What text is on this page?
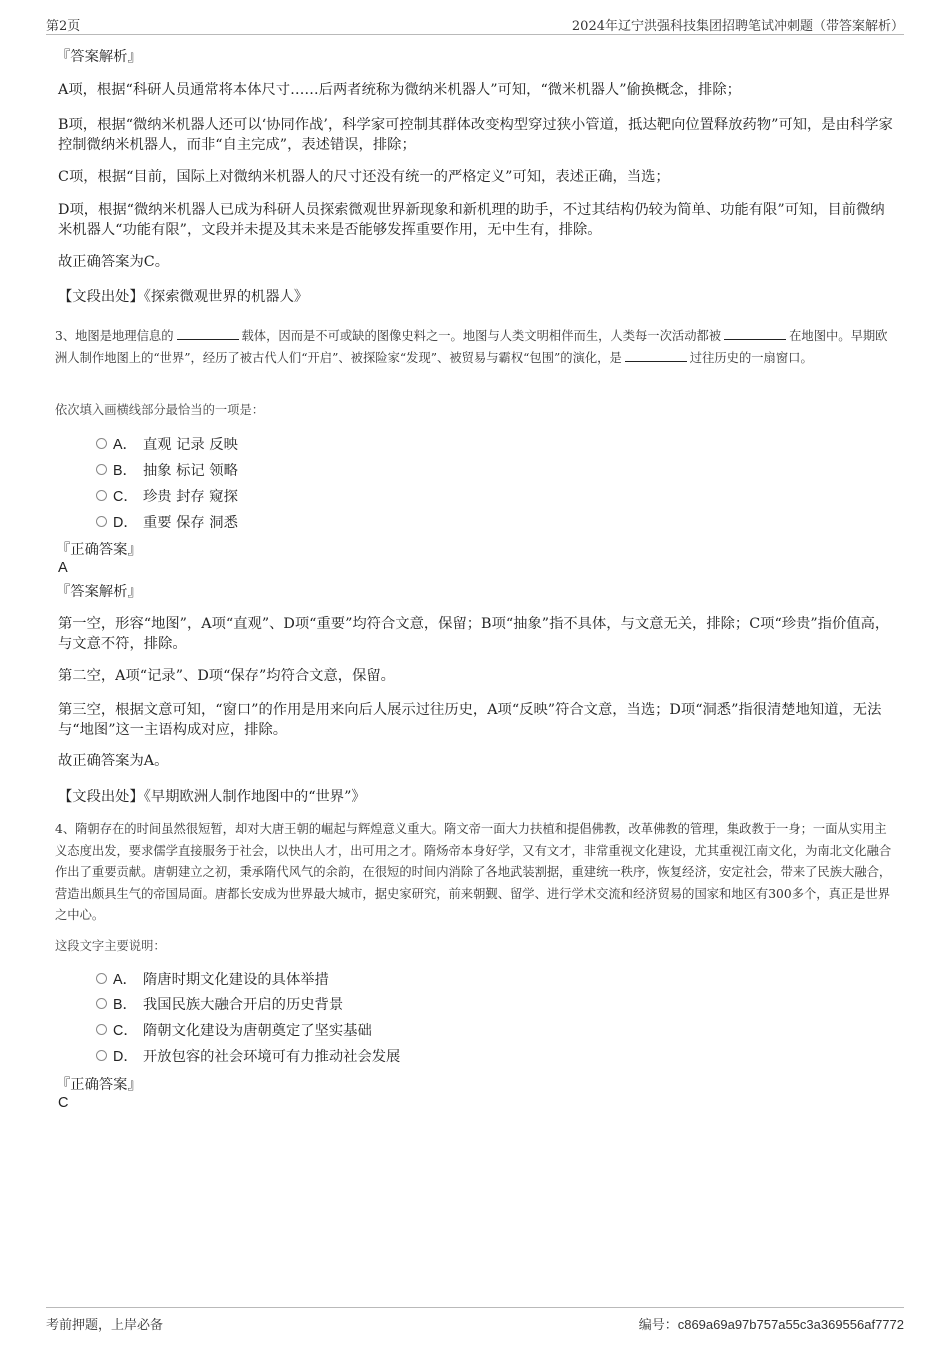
第2页	2024年辽宁洪强科技集团招聘笔试冲刺题（带答案解析）
『答案解析』
A项，根据“科研人员通常将本体尺寸……后两者统称为微纳米机器人”可知，“微米机器人”偷换概念，排除；
B项，根据“微纳米机器人还可以‘协同作战’，科学家可控制其群体改变构型穿过狭小管道，抵达靶向位置释放药物”可知，是由科学家控制微纳米机器人，而非“自主完成”，表述错误，排除；
C项，根据“目前，国际上对微纳米机器人的尺寸还没有统一的严格定义”可知，表述正确，当选；
D项，根据“微纳米机器人已成为科研人员探索微观世界新现象和新机理的助手，不过其结构仍较为简单、功能有限”可知，目前微纳米机器人“功能有限”，文段并未提及其未来是否能够发挥重要作用，无中生有，排除。
故正确答案为C。
【文段出处】《探索微观世界的机器人》
3、地图是地理信息的	载体，因而是不可或缺的图像史料之一。地图与人类文明相伴而生，人类每一次活动都被	在地图中。早期欧洲人制作地图上的“世界”，经历了被古代人们“开启”、被探险家“发现”、被贸易与霸权“包围”的演化，是	过往历史的一扇窗口。
依次填入画横线部分最恰当的一项是：
A． 直观 记录 反映
B． 抽象 标记 领略
C． 珍贵 封存 窥探
D． 重要 保存 洞悉
『正确答案』
A
『答案解析』
第一空，形容“地图”，A项“直观”、D项“重要”均符合文意，保留；B项“抽象”指不具体，与文意无关，排除；C项“珍贵”指价值高，与文意不符，排除。
第二空，A项“记录”、D项“保存”均符合文意，保留。
第三空，根据文意可知，“窗口”的作用是用来向后人展示过往历史，A项“反映”符合文意，当选；D项“洞悉”指很清楚地知道，无法与“地图”这一主语构成对应，排除。
故正确答案为A。
【文段出处】《早期欧洲人制作地图中的“世界”》
4、隋朝存在的时间虽然很短暂，却对大唐王朝的崛起与辉煌意义重大。隋文帝一面大力扶植和提倡佛教，改革佛教的管理，集政教于一身；一面从实用主义态度出发，要求儒学直接服务于社会，以快出人才，出可用之才。隋炀帝本身好学，又有文才，非常重视文化建设，尤其重视江南文化，为南北文化融合作出了重要贡献。唐朝建立之初，秉承隋代风气的余韵，在很短的时间内消除了各地武装割据，重建统一秩序，恢复经济，安定社会，带来了民族大融合，营造出颇具生气的帝国局面。唐都长安成为世界最大城市，据史家研究，前来朝觐、留学、进行学术交流和经济贸易的国家和地区有300多个，真正是世界之中心。
这段文字主要说明：
A． 隋唐时期文化建设的具体举措
B． 我国民族大融合开启的历史背景
C． 隋朝文化建设为唐朝奠定了坚实基础
D． 开放包容的社会环境可有力推动社会发展
『正确答案』
C
考前押题，上岸必备	编号：c869a69a97b757a55c3a369556af7772
